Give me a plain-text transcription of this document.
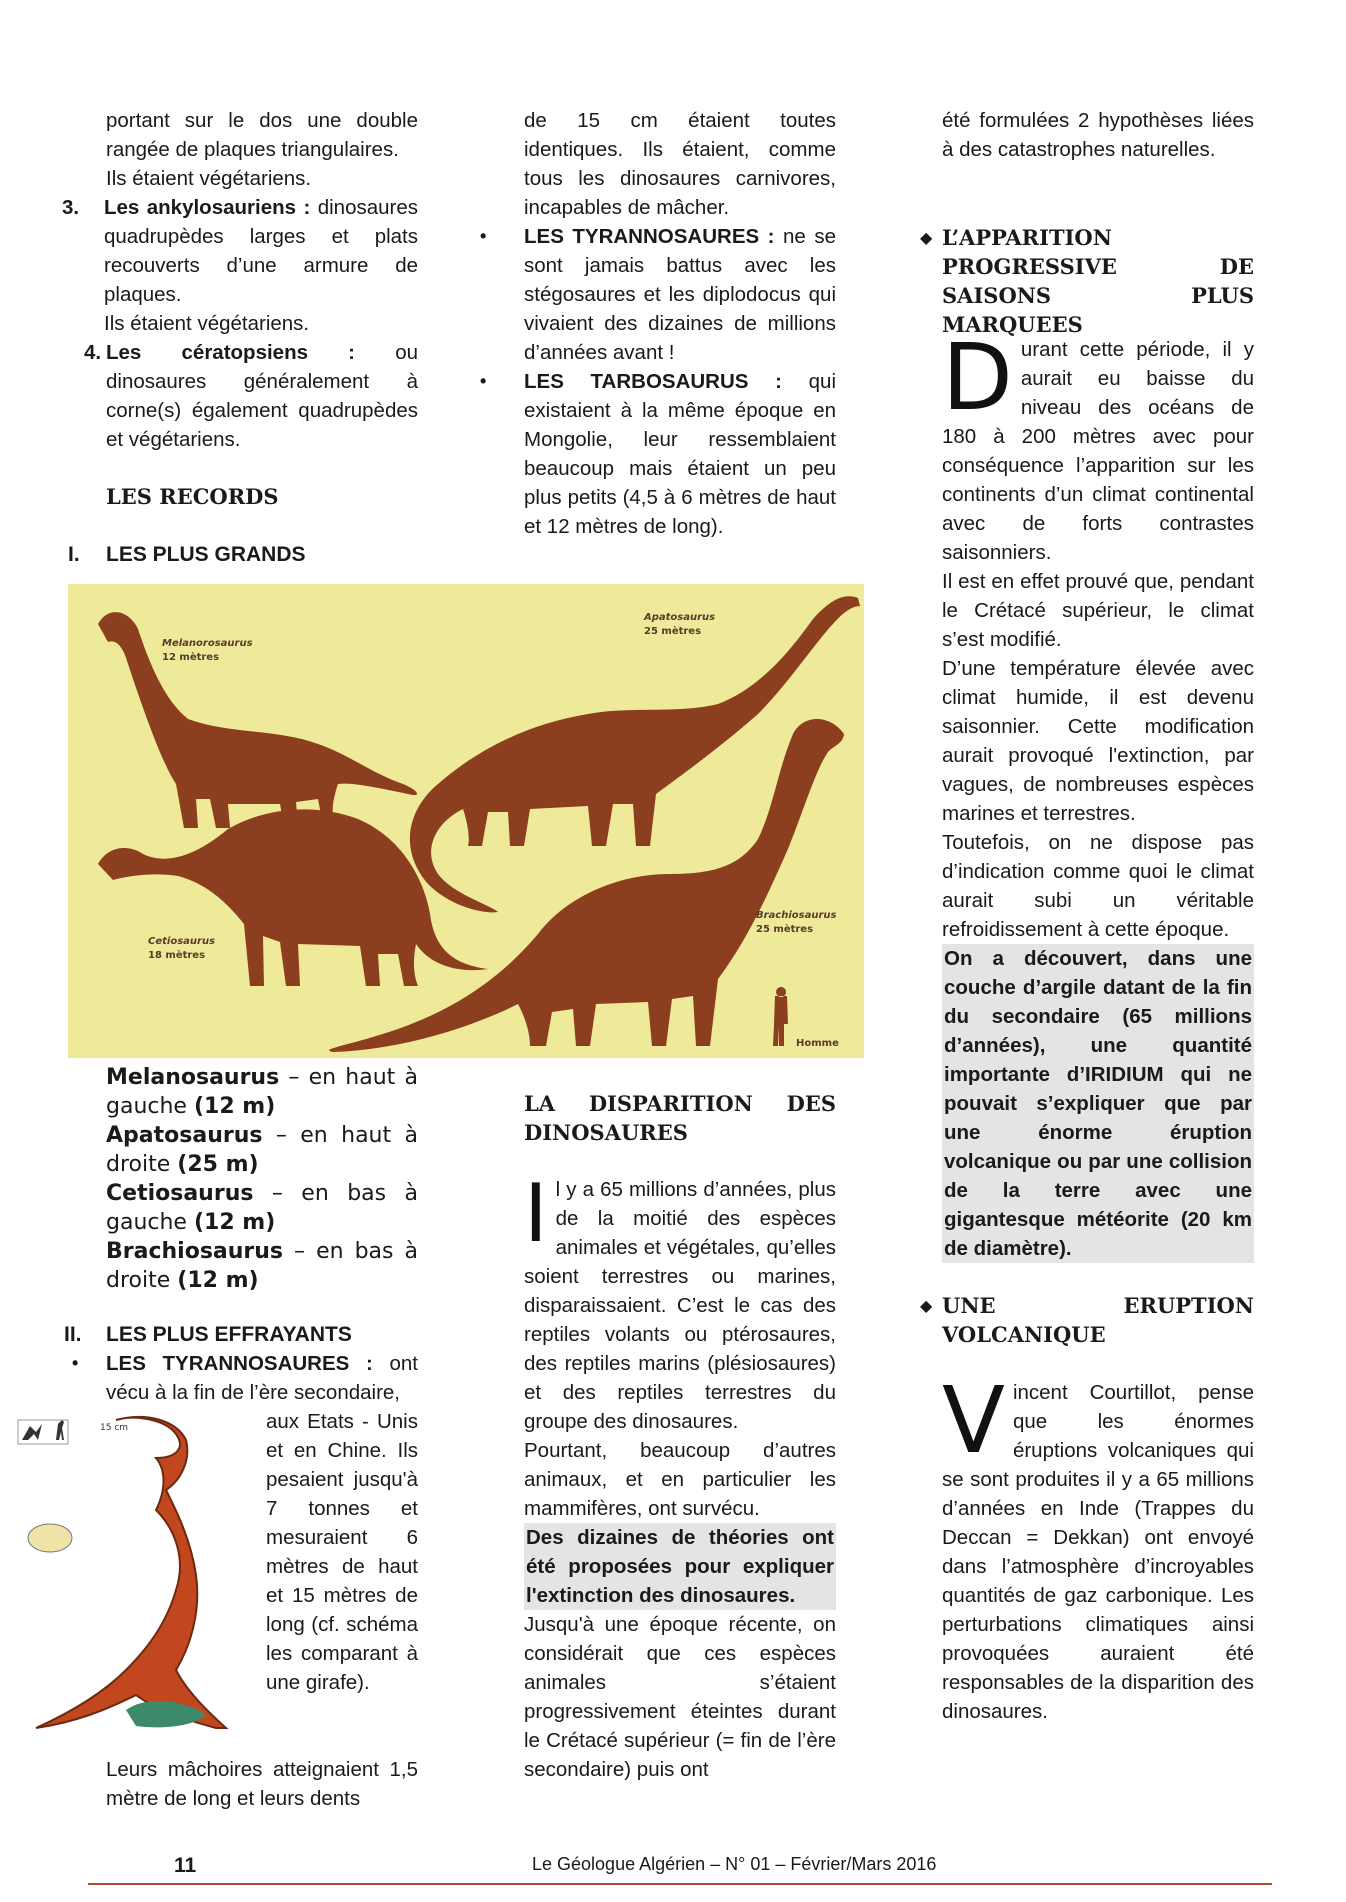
portant sur le dos une double rangée de plaques triangulaires.

Ils étaient végétariens.

3. Les ankylosauriens : dinosaures quadrupèdes larges et plats recouverts d’une armure de plaques.

Ils étaient végétariens.

4. Les cératopsiens : ou dinosaures généralement à corne(s) également quadrupèdes et végétariens.

LES RECORDS
I. LES PLUS GRANDS
Melanorosaurus
12 mètres
Apatosaurus
25 mètres
Cetiosaurus
18 mètres
Brachiosaurus
25 mètres
Homme

Melanosaurus – en haut à gauche (12 m)

Apatosaurus – en haut à droite (25 m)

Cetiosaurus – en bas à gauche (12 m)

Brachiosaurus – en bas à droite (12 m)

II. LES PLUS EFFRAYANTS
• LES TYRANNOSAURES : ont vécu à la fin de l’ère secondaire,

15 cm	aux Etats - Unis et en Chine. Ils pesaient jusqu'à 7 tonnes et mesuraient 6 mètres de haut et 15 mètres de long (cf. schéma les comparant à une girafe).

Leurs mâchoires atteignaient 1,5 mètre de long et leurs dents

de 15 cm étaient toutes identiques. Ils étaient, comme tous les dinosaures carnivores, incapables de mâcher.

• LES TYRANNOSAURES : ne se sont jamais battus avec les stégosaures et les diplodocus qui vivaient des dizaines de millions d’années avant !

• LES TARBOSAURUS : qui existaient à la même époque en Mongolie, leur ressemblaient beaucoup mais étaient un peu plus petits (4,5 à 6 mètres de haut et 12 mètres de long).

LA DISPARITION DES

DINOSAURES

Il y a 65 millions d’années, plus de la moitié des espèces animales et végétales, qu’elles soient terrestres ou marines, disparaissaient. C’est le cas des reptiles volants ou ptérosaures, des reptiles marins (plésiosaures) et des reptiles terrestres du groupe des dinosaures.

Pourtant, beaucoup d’autres animaux, et en particulier les mammifères, ont survécu.

Des dizaines de théories ont été proposées pour expliquer l'extinction des dinosaures.

Jusqu'à une époque récente, on considérait que ces espèces animales s’étaient progressivement éteintes durant le Crétacé supérieur (= fin de l’ère secondaire) puis ont

été formulées 2 hypothèses liées à des catastrophes naturelles.

◆ L’APPARITION PROGRESSIVE DE SAISONS PLUS MARQUEES

Durant cette période, il y aurait eu baisse du niveau des océans de 180 à 200 mètres avec pour conséquence l’apparition sur les continents d’un climat continental avec de forts contrastes saisonniers.

Il est en effet prouvé que, pendant le Crétacé supérieur, le climat s’est modifié.

D’une température élevée avec climat humide, il est devenu saisonnier. Cette modification aurait provoqué l'extinction, par vagues, de nombreuses espèces marines et terrestres.

Toutefois, on ne dispose pas d’indication comme quoi le climat aurait subi un véritable refroidissement à cette époque.

On a découvert, dans une couche d’argile datant de la fin du secondaire (65 millions d’années), une quantité importante d’IRIDIUM qui ne pouvait s’expliquer que par une énorme éruption volcanique ou par une collision de la terre avec une gigantesque météorite (20 km de diamètre).

◆ UNE ERUPTION VOLCANIQUE

Vincent Courtillot, pense que les énormes éruptions volcaniques qui se sont produites il y a 65 millions d’années en Inde (Trappes du Deccan = Dekkan) ont envoyé dans l’atmosphère d’incroyables quantités de gaz carbonique. Les perturbations climatiques ainsi provoquées auraient été responsables de la disparition des dinosaures.

11	Le Géologue Algérien – N° 01 – Février/Mars 2016
